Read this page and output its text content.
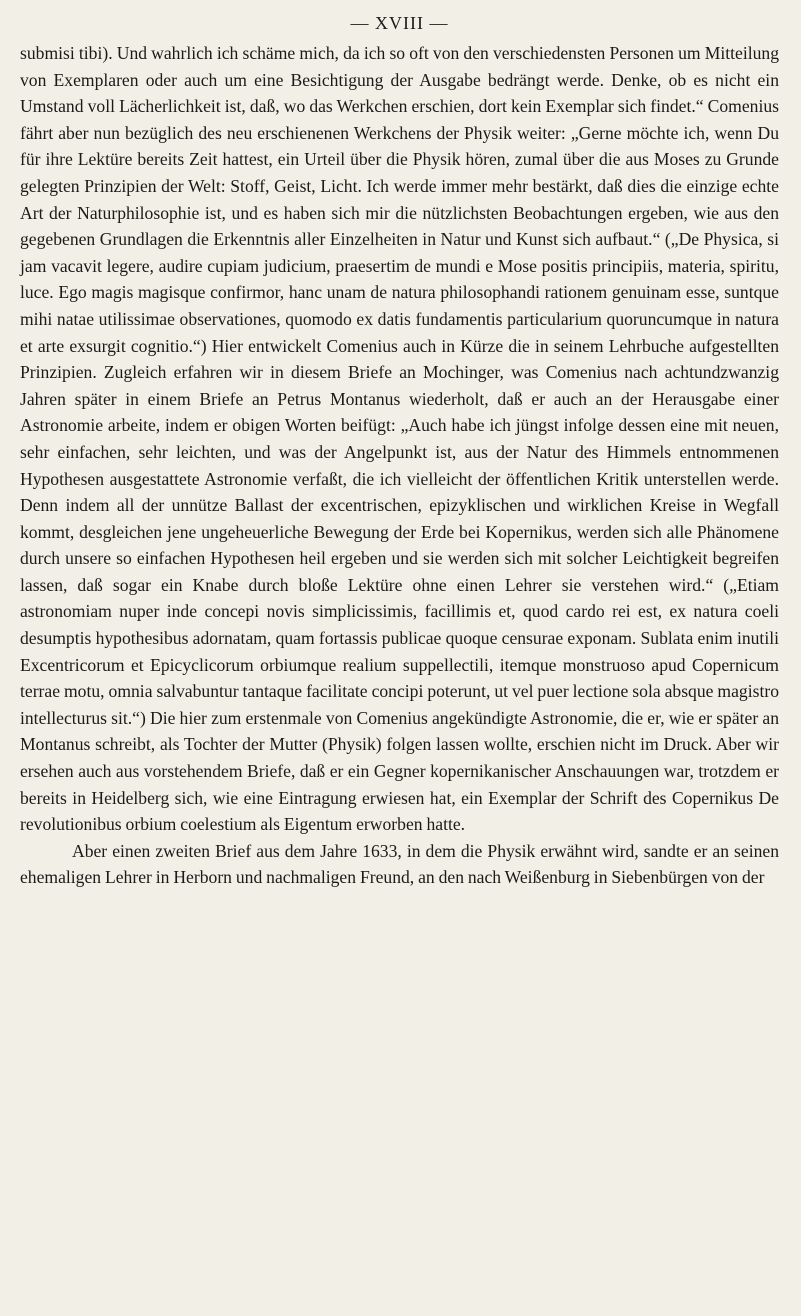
— XVIII —

submisi tibi). Und wahrlich ich schäme mich, da ich so oft von den verschiedensten Personen um Mitteilung von Exemplaren oder auch um eine Besichtigung der Ausgabe bedrängt werde. Denke, ob es nicht ein Umstand voll Lächerlichkeit ist, daß, wo das Werkchen erschien, dort kein Exemplar sich findet.“ Comenius fährt aber nun bezüglich des neu erschienenen Werkchens der Physik weiter: „Gerne möchte ich, wenn Du für ihre Lektüre bereits Zeit hattest, ein Urteil über die Physik hören, zumal über die aus Moses zu Grunde gelegten Prinzipien der Welt: Stoff, Geist, Licht. Ich werde immer mehr bestärkt, daß dies die einzige echte Art der Naturphilosophie ist, und es haben sich mir die nützlichsten Beobachtungen ergeben, wie aus den gegebenen Grundlagen die Erkenntnis aller Einzelheiten in Natur und Kunst sich aufbaut.“ („De Physica, si jam vacavit legere, audire cupiam judicium, praesertim de mundi e Mose positis principiis, materia, spiritu, luce. Ego magis magisque confirmor, hanc unam de natura philosophandi rationem genuinam esse, suntque mihi natae utilissimae observationes, quomodo ex datis fundamentis particularium quoruncumque in natura et arte exsurgit cognitio.“) Hier entwickelt Comenius auch in Kürze die in seinem Lehrbuche aufgestellten Prinzipien. Zugleich erfahren wir in diesem Briefe an Mochinger, was Comenius nach achtundzwanzig Jahren später in einem Briefe an Petrus Montanus wiederholt, daß er auch an der Herausgabe einer Astronomie arbeite, indem er obigen Worten beifügt: „Auch habe ich jüngst infolge dessen eine mit neuen, sehr einfachen, sehr leichten, und was der Angelpunkt ist, aus der Natur des Himmels entnommenen Hypothesen ausgestattete Astronomie verfaßt, die ich vielleicht der öffentlichen Kritik unterstellen werde. Denn indem all der unnütze Ballast der excentrischen, epizyklischen und wirklichen Kreise in Wegfall kommt, desgleichen jene ungeheuerliche Bewegung der Erde bei Kopernikus, werden sich alle Phänomene durch unsere so einfachen Hypothesen heil ergeben und sie werden sich mit solcher Leichtigkeit begreifen lassen, daß sogar ein Knabe durch bloße Lektüre ohne einen Lehrer sie verstehen wird.“ („Etiam astronomiam nuper inde concepi novis simplicissimis, facillimis et, quod cardo rei est, ex natura coeli desumptis hypothesibus adornatam, quam fortassis publicae quoque censurae exponam. Sublata enim inutili Excentricorum et Epicyclicorum orbiumque realium suppellectili, itemque monstruoso apud Copernicum terrae motu, omnia salvabuntur tantaque facilitate concipi poterunt, ut vel puer lectione sola absque magistro intellecturus sit.“) Die hier zum erstenmale von Comenius angekündigte Astronomie, die er, wie er später an Montanus schreibt, als Tochter der Mutter (Physik) folgen lassen wollte, erschien nicht im Druck. Aber wir ersehen auch aus vorstehendem Briefe, daß er ein Gegner kopernikanischer Anschauungen war, trotzdem er bereits in Heidelberg sich, wie eine Eintragung erwiesen hat, ein Exemplar der Schrift des Copernikus De revolutionibus orbium coelestium als Eigentum erworben hatte.

Aber einen zweiten Brief aus dem Jahre 1633, in dem die Physik erwähnt wird, sandte er an seinen ehemaligen Lehrer in Herborn und nachmaligen Freund, an den nach Weißenburg in Siebenbürgen von der
